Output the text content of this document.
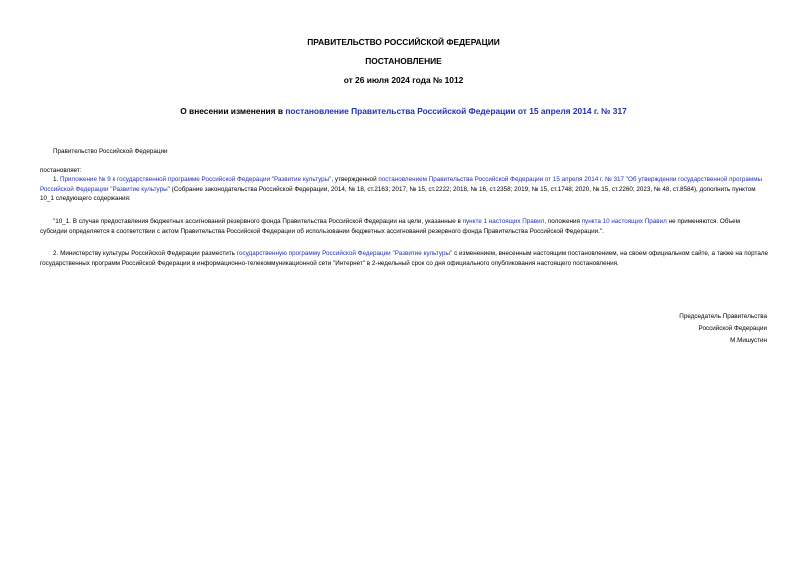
ПРАВИТЕЛЬСТВО РОССИЙСКОЙ ФЕДЕРАЦИИ
ПОСТАНОВЛЕНИЕ
от 26 июля 2024 года № 1012
О внесении изменения в постановление Правительства Российской Федерации от 15 апреля 2014 г. № 317
Правительство Российской Федерации
постановляет:
1. Приложение № 9 к государственной программе Российской Федерации "Развитие культуры", утвержденной постановлением Правительства Российской Федерации от 15 апреля 2014 г. № 317 "Об утверждении государственной программы Российской Федерации "Развитие культуры" (Собрание законодательства Российской Федерации, 2014, № 18, ст.2163; 2017, № 15, ст.2222; 2018, № 16, ст.2358; 2019, № 15, ст.1748; 2020, № 15, ст.2260; 2023, № 48, ст.8584), дополнить пунктом 10_1 следующего содержания:
"10_1. В случае предоставления бюджетных ассигнований резервного фонда Правительства Российской Федерации на цели, указанные в пункте 1 настоящих Правил, положения пункта 10 настоящих Правил не применяются. Объем субсидии определяется в соответствии с актом Правительства Российской Федерации об использовании бюджетных ассигнований резервного фонда Правительства Российской Федерации.".
2. Министерству культуры Российской Федерации разместить государственную программу Российской Федерации "Развитие культуры" с изменением, внесенным настоящим постановлением, на своем официальном сайте, а также на портале государственных программ Российской Федерации в информационно-телекоммуникационной сети "Интернет" в 2-недельный срок со дня официального опубликования настоящего постановления.
Председатель Правительства
Российской Федерации
М.Мишустин
